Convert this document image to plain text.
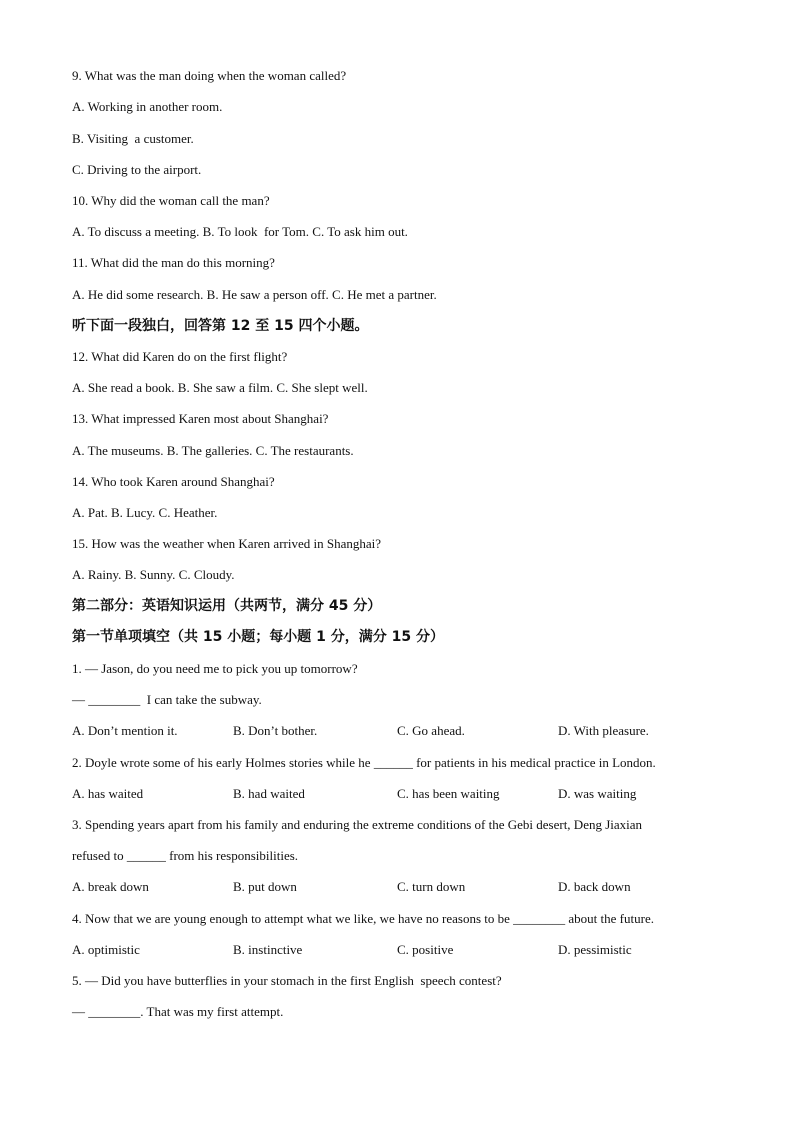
9. What was the man doing when the woman called?
A. Working in another room.
B. Visiting  a customer.
C. Driving to the airport.
10. Why did the woman call the man?
A. To discuss a meeting. B. To look  for Tom. C. To ask him out.
11. What did the man do this morning?
A. He did some research. B. He saw a person off. C. He met a partner.
听下面一段独白，回答第 12 至 15 四个小题。
12. What did Karen do on the first flight?
A. She read a book. B. She saw a film. C. She slept well.
13. What impressed Karen most about Shanghai?
A. The museums. B. The galleries. C. The restaurants.
14. Who took Karen around Shanghai?
A. Pat. B. Lucy. C. Heather.
15. How was the weather when Karen arrived in Shanghai?
A. Rainy. B. Sunny. C. Cloudy.
第二部分：英语知识运用（共两节，满分 45 分）
第一节单项填空（共 15 小题；每小题 1 分，满分 15 分）
1. — Jason, do you need me to pick you up tomorrow?
— ________  I can take the subway.
A. Don’t mention it.	B. Don’t bother.	C. Go ahead.	D. With pleasure.
2. Doyle wrote some of his early Holmes stories while he ______ for patients in his medical practice in London.
A. has waited	B. had waited	C. has been waiting	D. was waiting
3. Spending years apart from his family and enduring the extreme conditions of the Gebi desert, Deng Jiaxian
refused to ______ from his responsibilities.
A. break down	B. put down	C. turn down	D. back down
4. Now that we are young enough to attempt what we like, we have no reasons to be ________ about the future.
A. optimistic	B. instinctive	C. positive	D. pessimistic
5. — Did you have butterflies in your stomach in the first English  speech contest?
— ________. That was my first attempt.
